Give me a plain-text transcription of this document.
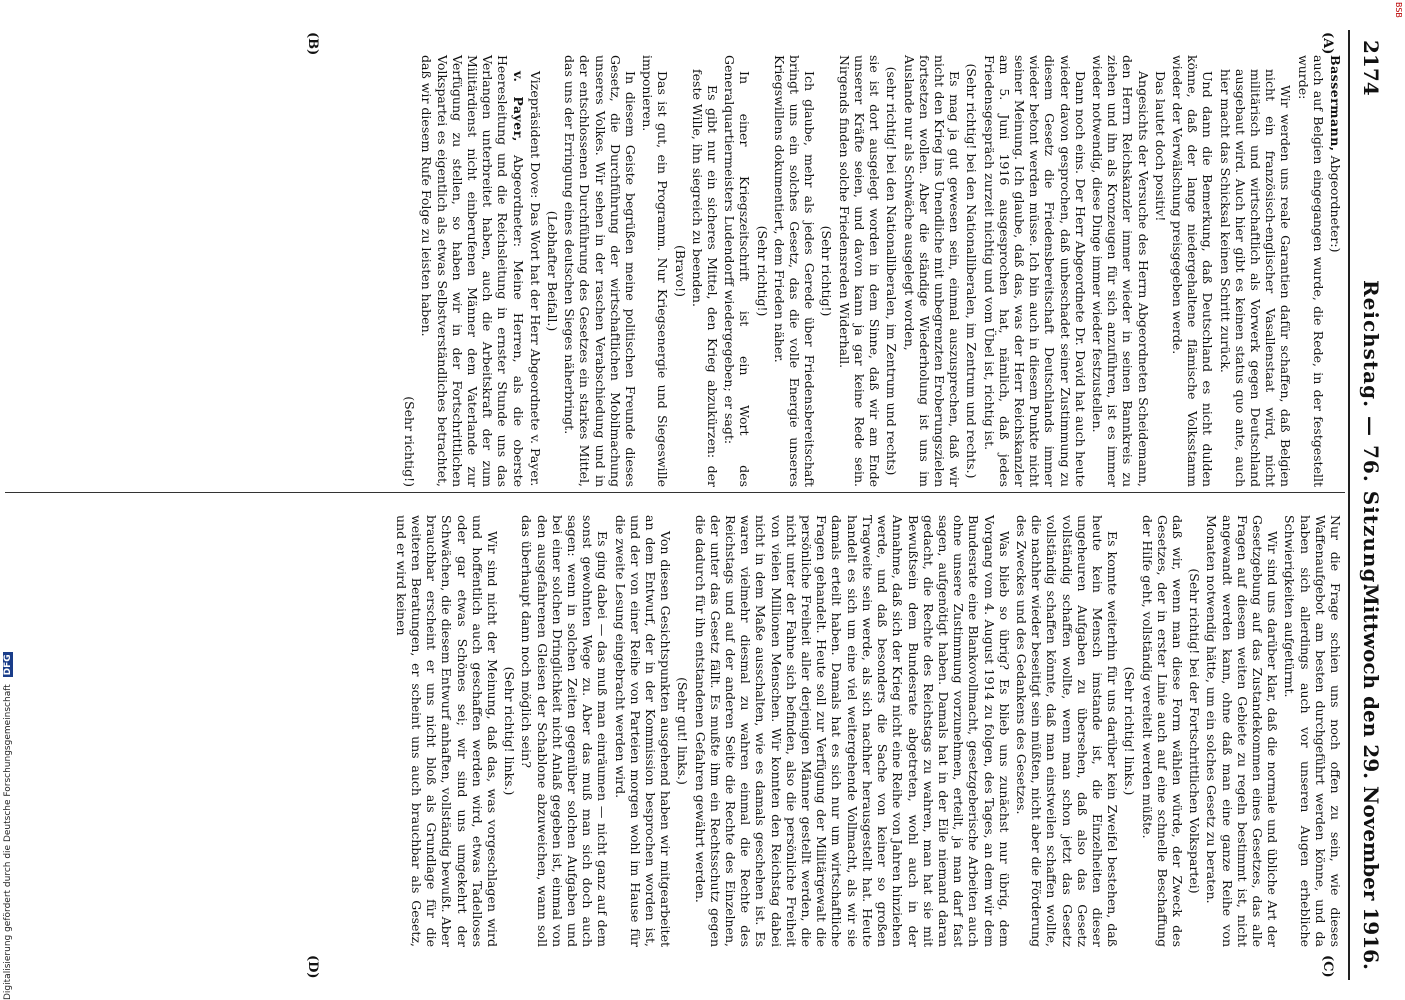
2174
Reichstag. — 76. Sitzung.
Mittwoch den 29. November 1916.
(A)
(B)
(C)
(D)

Bassermann, Abgeordneter:)

auch auf Belgien eingegangen wurde, die Rede, in der festgestellt wurde:

Wir werden uns reale Garantien dafür schaffen, daß Belgien nicht ein französisch-englischer Vasallenstaat wird, nicht militärisch und wirtschaftlich als Vorwerk gegen Deutschland ausgebaut wird. Auch hier gibt es keinen status quo ante, auch hier macht das Schicksal keinen Schritt zurück.

Und dann die Bemerkung, daß Deutschland es nicht dulden könne, daß der lange niedergehaltene flämische Volksstamm wieder der Verwälschung preisgegeben werde.

Das lautet doch positiv!

Angesichts der Versuche des Herrn Abgeordneten Scheidemann, den Herrn Reichskanzler immer wieder in seinen Bannkreis zu ziehen und ihn als Kronzeugen für sich anzuführen, ist es immer wieder notwendig, diese Dinge immer wieder festzustellen.

Dann noch eins. Der Herr Abgeordnete Dr. David hat auch heute wieder davon gesprochen, daß unbeschadet seiner Zustimmung zu diesem Gesetz die Friedensbereitschaft Deutschlands immer wieder betont werden müsse. Ich bin auch in diesem Punkte nicht seiner Meinung. Ich glaube, daß das, was der Herr Reichskanzler am 5. Juni 1916 ausgesprochen hat, nämlich, daß jedes Friedensgespräch zurzeit nichtig und vom Übel ist, richtig ist.

(Sehr richtig! bei den Nationalliberalen, im Zentrum und rechts.)

Es mag ja gut gewesen sein, einmal auszusprechen, daß wir nicht den Krieg ins Unendliche mit unbegrenzten Eroberungszielen fortsetzen wollen. Aber die ständige Wiederholung ist uns im Auslande nur als Schwäche ausgelegt worden,

(sehr richtig! bei den Nationalliberalen, im Zentrum und rechts)

sie ist dort ausgelegt worden in dem Sinne, daß wir am Ende unserer Kräfte seien, und davon kann ja gar keine Rede sein. Nirgends finden solche Friedensreden Widerhall.

(Sehr richtig!)

Ich glaube, mehr als jedes Gerede über Friedensbereitschaft bringt uns ein solches Gesetz, das die volle Energie unseres Kriegswillens dokumentiert, dem Frieden näher.

(Sehr richtig!)

In einer Kriegszeitschrift ist ein Wort des Generalquartiermeisters Ludendorff wiedergegeben; er sagt:

Es gibt nur ein sicheres Mittel, den Krieg abzukürzen: der feste Wille, ihn siegreich zu beenden.

(Bravo!)

Das ist gut, ein Programm. Nur Kriegsenergie und Siegeswille imponieren.

In diesem Geiste begrüßen meine politischen Freunde dieses Gesetz, die Durchführung der wirtschaftlichen Mobilmachung unseres Volkes. Wir sehen in der raschen Verabschiedung und in der entschlossenen Durchführung des Gesetzes ein starkes Mittel, das uns der Erringung eines deutschen Sieges näherbringt.

(Lebhafter Beifall.)

Vizepräsident Dove: Das Wort hat der Herr Abgeordnete v. Payer.

v. Payer, Abgeordneter: Meine Herren, als die oberste Heeresleitung und die Reichsleitung in ernster Stunde uns das Verlangen unterbreitet haben, auch die Arbeitskraft der zum Militärdienst nicht einberufenen Männer dem Vaterlande zur Verfügung zu stellen, so haben wir in der Fortschrittlichen Volkspartei es eigentlich als etwas Selbstverständliches betrachtet, daß wir diesem Rufe Folge zu leisten haben.

(Sehr richtig!)

Nur die Frage schien uns noch offen zu sein, wie dieses Waffenaufgebot am besten durchgeführt werden könne, und da haben sich allerdings auch vor unseren Augen erhebliche Schwierigkeiten aufgetürmt.

Wir sind uns darüber klar, daß die normale und übliche Art der Gesetzgebung auf das Zustandekommen eines Gesetzes, das alle Fragen auf diesem weiten Gebiete zu regeln bestimmt ist, nicht angewandt werden kann, ohne daß man eine ganze Reihe von Monaten notwendig hätte, um ein solches Gesetz zu beraten.

(Sehr richtig! bei der Fortschrittlichen Volkspartei)

daß wir, wenn man diese Form wählen würde, der Zweck des Gesetzes, der in erster Linie auch auf eine schnelle Beschaffung der Hilfe geht, vollständig vereitelt werden müßte.

(Sehr richtig! links.)

Es konnte weiterhin für uns darüber kein Zweifel bestehen, daß heute kein Mensch imstande ist, die Einzelheiten dieser ungeheuren Aufgaben zu übersehen, daß also das Gesetz vollständig schaffen wollte, wenn man schon jetzt das Gesetz vollständig schaffen könnte, daß man einstweilen schaffen wollte, die nachher wieder beseitigt sein müßten, nicht aber die Förderung des Zweckes und des Gedankens des Gesetzes.

Was blieb so übrig? Es blieb uns zunächst nur übrig, dem Vorgang vom 4. August 1914 zu folgen, des Tages, an dem wir dem Bundesrate eine Blankovollmacht, gesetzgeberische Arbeiten auch ohne unsere Zustimmung vorzunehmen, erteilt, ja man darf fast sagen, aufgenötigt haben. Damals hat in der Eile niemand daran gedacht, die Rechte des Reichstags zu wahren, man hat sie mit Bewußtsein dem Bundesrate abgetreten, wohl auch in der Annahme, daß sich der Krieg nicht eine Reihe von Jahren hinziehen werde, und daß besonders die Sache von keiner so großen Tragweite sein werde, als sich nachher herausgestellt hat. Heute handelt es sich um eine viel weitergehende Vollmacht, als wir sie damals erteilt haben. Damals hat es sich nur um wirtschaftliche Fragen gehandelt. Heute soll zur Verfügung der Militärgewalt die persönliche Freiheit aller derjenigen Männer gestellt werden, die nicht unter der Fahne sich befinden, also die persönliche Freiheit von vielen Millionen Menschen. Wir konnten den Reichstag dabei nicht in dem Maße ausschalten, wie es damals geschehen ist. Es waren vielmehr diesmal zu wahren einmal die Rechte des Reichstags und auf der anderen Seite die Rechte des Einzelnen, der unter das Gesetz fällt. Es mußte ihm ein Rechtsschutz gegen die dadurch für ihn entstandenen Gefahren gewährt werden.

(Sehr gut! links.)

Von diesen Gesichtspunkten ausgehend haben wir mitgearbeitet an dem Entwurf, der in der Kommission besprochen worden ist, und der von einer Reihe von Parteien morgen wohl im Hause für die zweite Lesung eingebracht werden wird.

Es ging dabei — das muß man einräumen — nicht ganz auf dem sonst gewohnten Wege zu. Aber das muß man sich doch auch sagen: wenn in solchen Zeiten gegenüber solchen Aufgaben und bei einer solchen Dringlichkeit nicht Anlaß gegeben ist, einmal von den ausgefahrenen Gleisen der Schablone abzuweichen, wann soll das überhaupt dann noch möglich sein?

(Sehr richtig! links.)

Wir sind nicht der Meinung, daß das, was vorgeschlagen wird und hoffentlich auch geschaffen werden wird, etwas Tadelloses oder gar etwas Schönes sei; wir sind uns umgekehrt der Schwächen, die diesem Entwurf anhaften, vollständig bewußt. Aber brauchbar erscheint er uns nicht bloß als Grundlage für die weiteren Beratungen, er scheint uns auch brauchbar als Gesetz, und er wird keinen

Digitalisierung gefördert durch die Deutsche Forschungsgemeinschaft DFG
BSB
